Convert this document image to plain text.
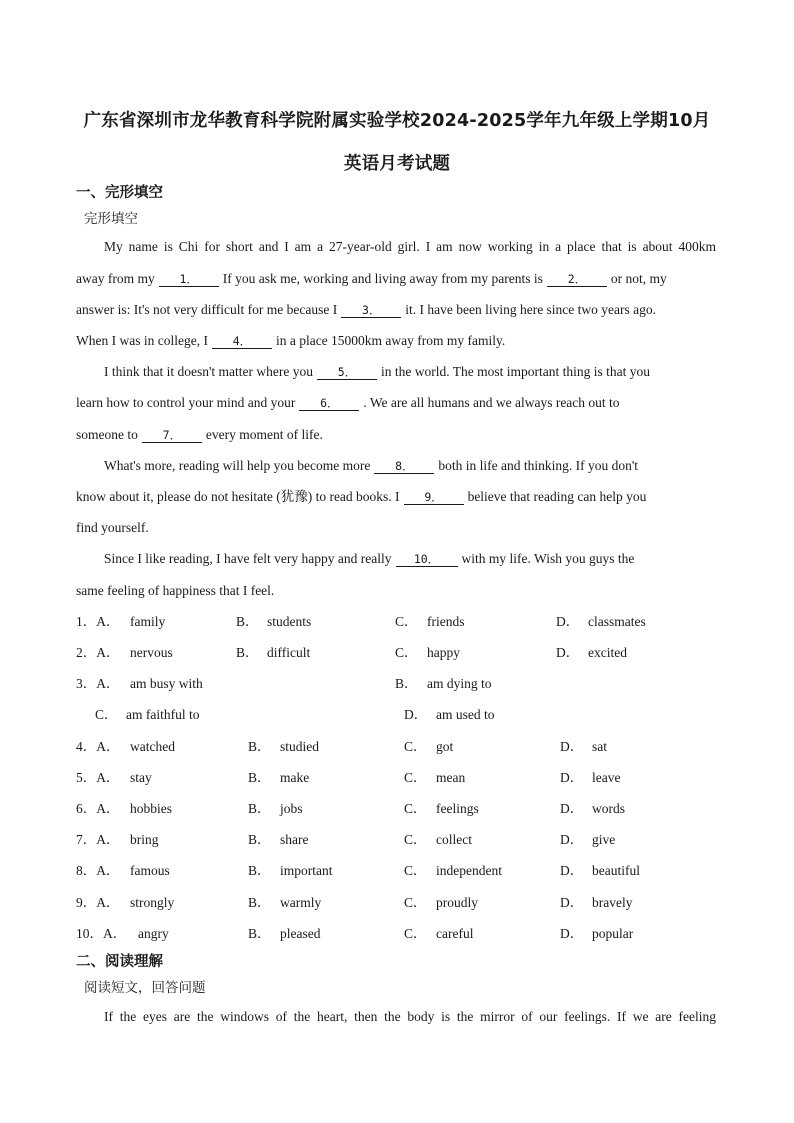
广东省深圳市龙华教育科学院附属实验学校2024-2025学年九年级上学期10月
英语月考试题
一、完形填空
完形填空
My name is Chi for short and I am a 27-year-old girl. I am now working in a place that is about 400km
away from my 1． If you ask me, working and living away from my parents is 2． or not, my
answer is: It's not very difficult for me because I 3． it. I have been living here since two years ago.
When I was in college, I 4． in a place 15000km away from my family.
I think that it doesn't matter where you 5． in the world. The most important thing is that you
learn how to control your mind and your 6． . We are all humans and we always reach out to
someone to 7． every moment of life.
What's more, reading will help you become more 8． both in life and thinking. If you don't
know about it, please do not hesitate (犹豫) to read books. I 9． believe that reading can help you
find yourself.
Since I like reading, I have felt very happy and really 10． with my life. Wish you guys the
same feeling of happiness that I feel.
1．A． family	B． students	C． friends	D． classmates
2．A． nervous	B． difficult	C． happy	D． excited
3．A． am busy with	B． am dying to
C． am faithful to	D． am used to
4．A． watched	B． studied	C． got	D． sat
5．A． stay	B． make	C． mean	D． leave
6．A． hobbies	B． jobs	C． feelings	D． words
7．A． bring	B． share	C． collect	D． give
8．A． famous	B． important	C． independent	D． beautiful
9．A． strongly	B． warmly	C． proudly	D． bravely
10．A． angry	B． pleased	C． careful	D． popular
二、阅读理解
阅读短文，回答问题
If the eyes are the windows of the heart, then the body is the mirror of our feelings. If we are feeling
